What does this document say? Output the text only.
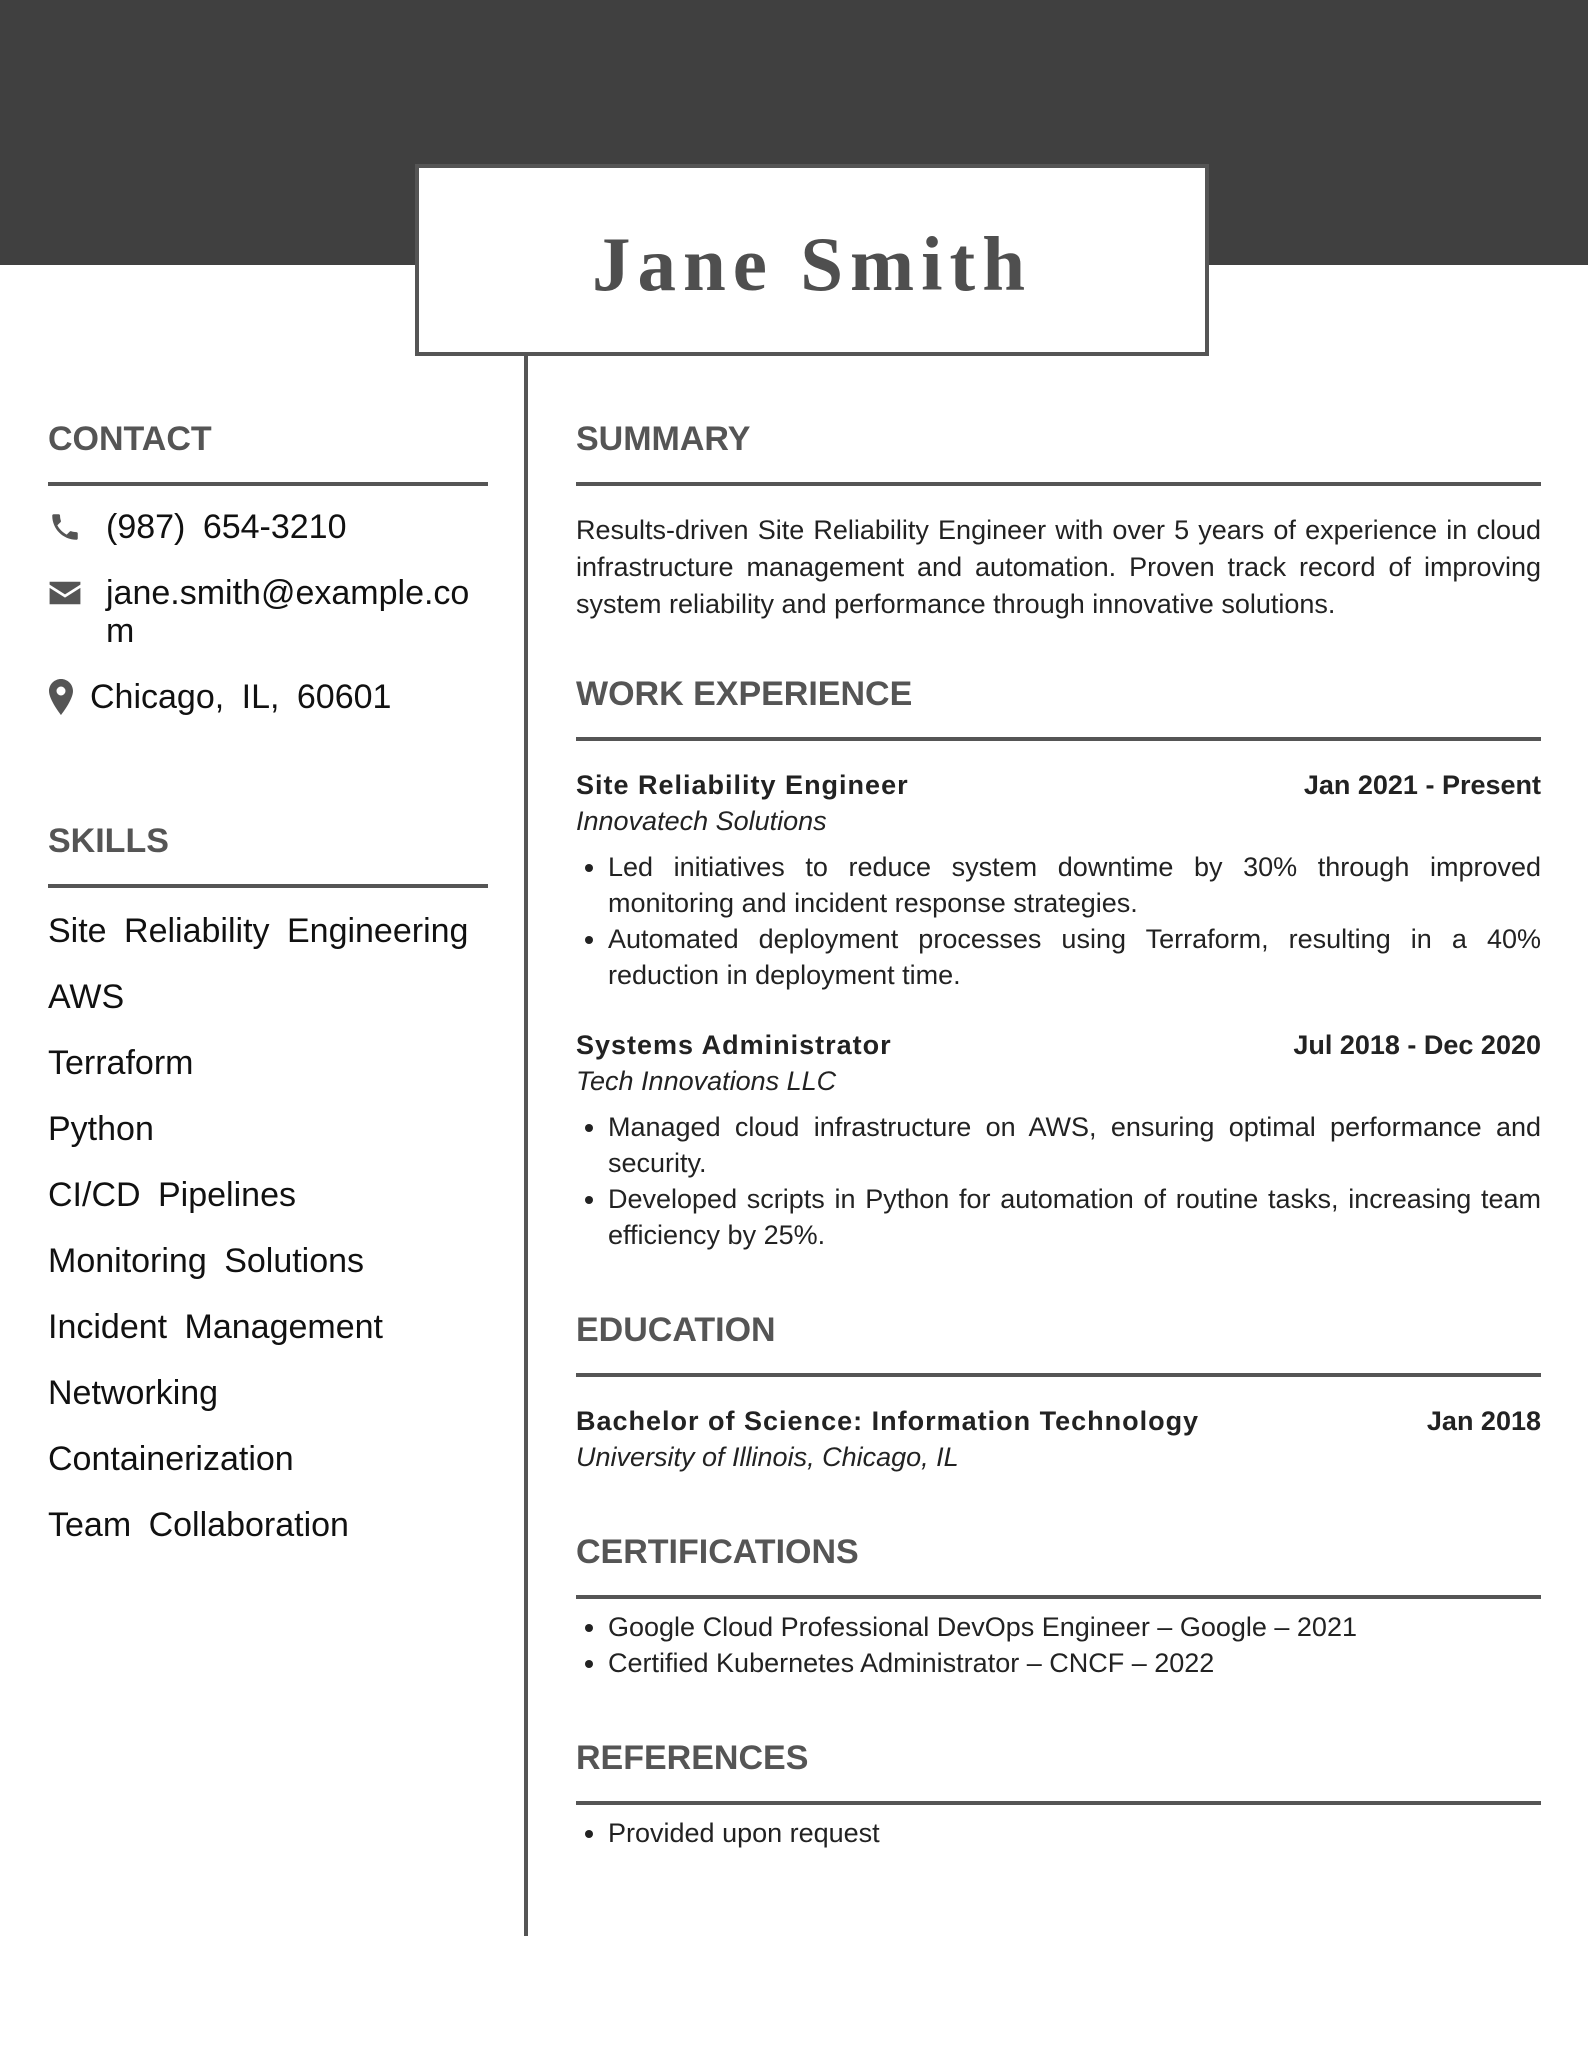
Jane Smith
CONTACT
(987) 654-3210
jane.smith@example.com
Chicago, IL, 60601
SKILLS
Site Reliability Engineering
AWS
Terraform
Python
CI/CD Pipelines
Monitoring Solutions
Incident Management
Networking
Containerization
Team Collaboration
SUMMARY

Results-driven Site Reliability Engineer with over 5 years of experience in cloud infrastructure management and automation. Proven track record of improving system reliability and performance through innovative solutions.

WORK EXPERIENCE
Site Reliability Engineer	Jan 2021 - Present
Innovatech Solutions
• Led initiatives to reduce system downtime by 30% through improved monitoring and incident response strategies.
• Automated deployment processes using Terraform, resulting in a 40% reduction in deployment time.
Systems Administrator	Jul 2018 - Dec 2020
Tech Innovations LLC
• Managed cloud infrastructure on AWS, ensuring optimal performance and security.
• Developed scripts in Python for automation of routine tasks, increasing team efficiency by 25%.
EDUCATION
Bachelor of Science: Information Technology	Jan 2018
University of Illinois, Chicago, IL
CERTIFICATIONS
• Google Cloud Professional DevOps Engineer – Google – 2021
• Certified Kubernetes Administrator – CNCF – 2022
REFERENCES
• Provided upon request
